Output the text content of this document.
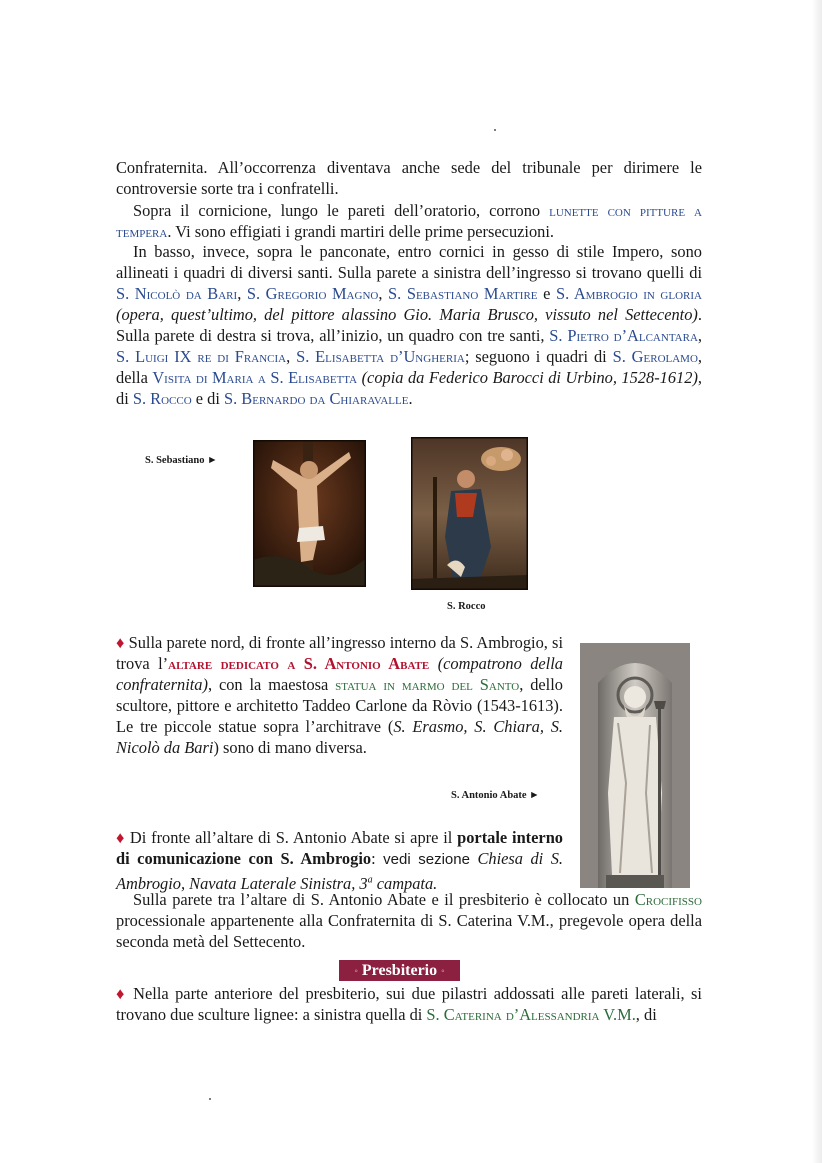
Confraternita. All’occorrenza diventava anche sede del tribunale per dirimere le controversie sorte tra i confratelli.

Sopra il cornicione, lungo le pareti dell’oratorio, corrono lunette con pitture a tempera. Vi sono effigiati i grandi martiri delle prime persecuzioni.

In basso, invece, sopra le panconate, entro cornici in gesso di stile Impero, sono allineati i quadri di diversi santi. Sulla parete a sinistra dell’ingresso si trovano quelli di S. Nicolò da Bari, S. Gregorio Magno, S. Sebastiano Martire e S. Ambrogio in gloria (opera, quest’ultimo, del pittore alassino Gio. Maria Brusco, vissuto nel Settecento). Sulla parete di destra si trova, all’inizio, un quadro con tre santi, S. Pietro d’Alcantara, S. Luigi IX re di Francia, S. Elisabetta d’Ungheria; seguono i quadri di S. Gerolamo, della Visita di Maria a S. Elisabetta (copia da Federico Barocci di Urbino, 1528-1612), di S. Rocco e di S. Bernardo da Chiaravalle.

S. Sebastiano ►
S. Rocco

♦ Sulla parete nord, di fronte all’ingresso interno da S. Ambrogio, si trova l’altare dedicato a S. Antonio Abate (compatrono della confraternita), con la maestosa statua in marmo del Santo, dello scultore, pittore e architetto Taddeo Carlone da Ròvio (1543-1613). Le tre piccole statue sopra l’architrave (S. Erasmo, S. Chiara, S. Nicolò da Bari) sono di mano diversa.

S. Antonio Abate ►

♦ Di fronte all’altare di S. Antonio Abate si apre il portale interno di comunicazione con S. Ambrogio: vedi sezione Chiesa di S. Ambrogio, Navata Laterale Sinistra, 3$^a$ campata.

Sulla parete tra l’altare di S. Antonio Abate e il presbiterio è collocato un Crocifisso processionale appartenente alla Confraternita di S. Caterina V.M., pregevole opera della seconda metà del Settecento.

◦ Presbiterio ◦

♦ Nella parte anteriore del presbiterio, sui due pilastri addossati alle pareti laterali, si trovano due sculture lignee: a sinistra quella di S. Caterina d’Alessandria V.M., di
